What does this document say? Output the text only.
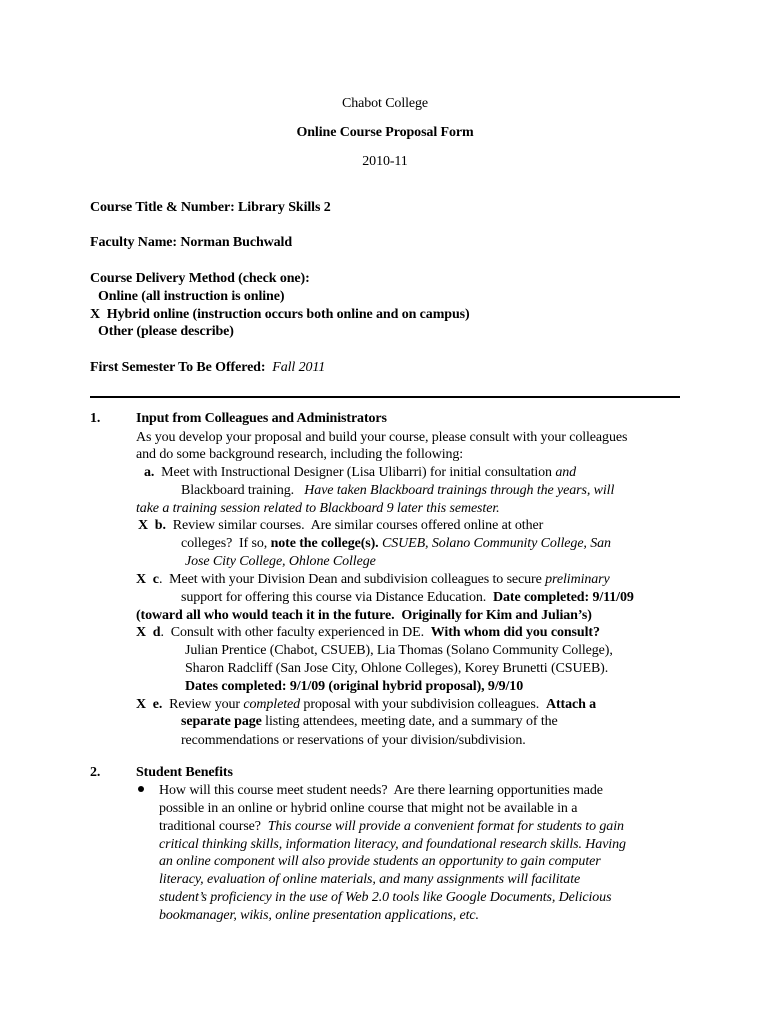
Chabot College
Online Course Proposal Form
2010-11
Course Title & Number: Library Skills 2
Faculty Name: Norman Buchwald
Course Delivery Method (check one):
Online (all instruction is online)
X  Hybrid online (instruction occurs both online and on campus)
Other (please describe)
First Semester To Be Offered: Fall 2011
1.	Input from Colleagues and Administrators
As you develop your proposal and build your course, please consult with your colleagues
and do some background research, including the following:
a. Meet with Instructional Designer (Lisa Ulibarri) for initial consultation and
Blackboard training.   Have taken Blackboard trainings through the years, will
take a training session related to Blackboard 9 later this semester.
X  b. Review similar courses.  Are similar courses offered online at other
colleges?  If so, note the college(s). CSUEB, Solano Community College, San
Jose City College, Ohlone College
X  c.  Meet with your Division Dean and subdivision colleagues to secure preliminary
support for offering this course via Distance Education.  Date completed: 9/11/09
(toward all who would teach it in the future.  Originally for Kim and Julian’s)
X  d.  Consult with other faculty experienced in DE.  With whom did you consult?
Julian Prentice (Chabot, CSUEB), Lia Thomas (Solano Community College),
Sharon Radcliff (San Jose City, Ohlone Colleges), Korey Brunetti (CSUEB).
Dates completed: 9/1/09 (original hybrid proposal), 9/9/10
X  e. Review your completed proposal with your subdivision colleagues.  Attach a
separate page listing attendees, meeting date, and a summary of the
recommendations or reservations of your division/subdivision.
2.	Student Benefits
How will this course meet student needs?  Are there learning opportunities made
possible in an online or hybrid online course that might not be available in a
traditional course?  This course will provide a convenient format for students to gain
critical thinking skills, information literacy, and foundational research skills. Having
an online component will also provide students an opportunity to gain computer
literacy, evaluation of online materials, and many assignments will facilitate
student’s proficiency in the use of Web 2.0 tools like Google Documents, Delicious
bookmanager, wikis, online presentation applications, etc.
